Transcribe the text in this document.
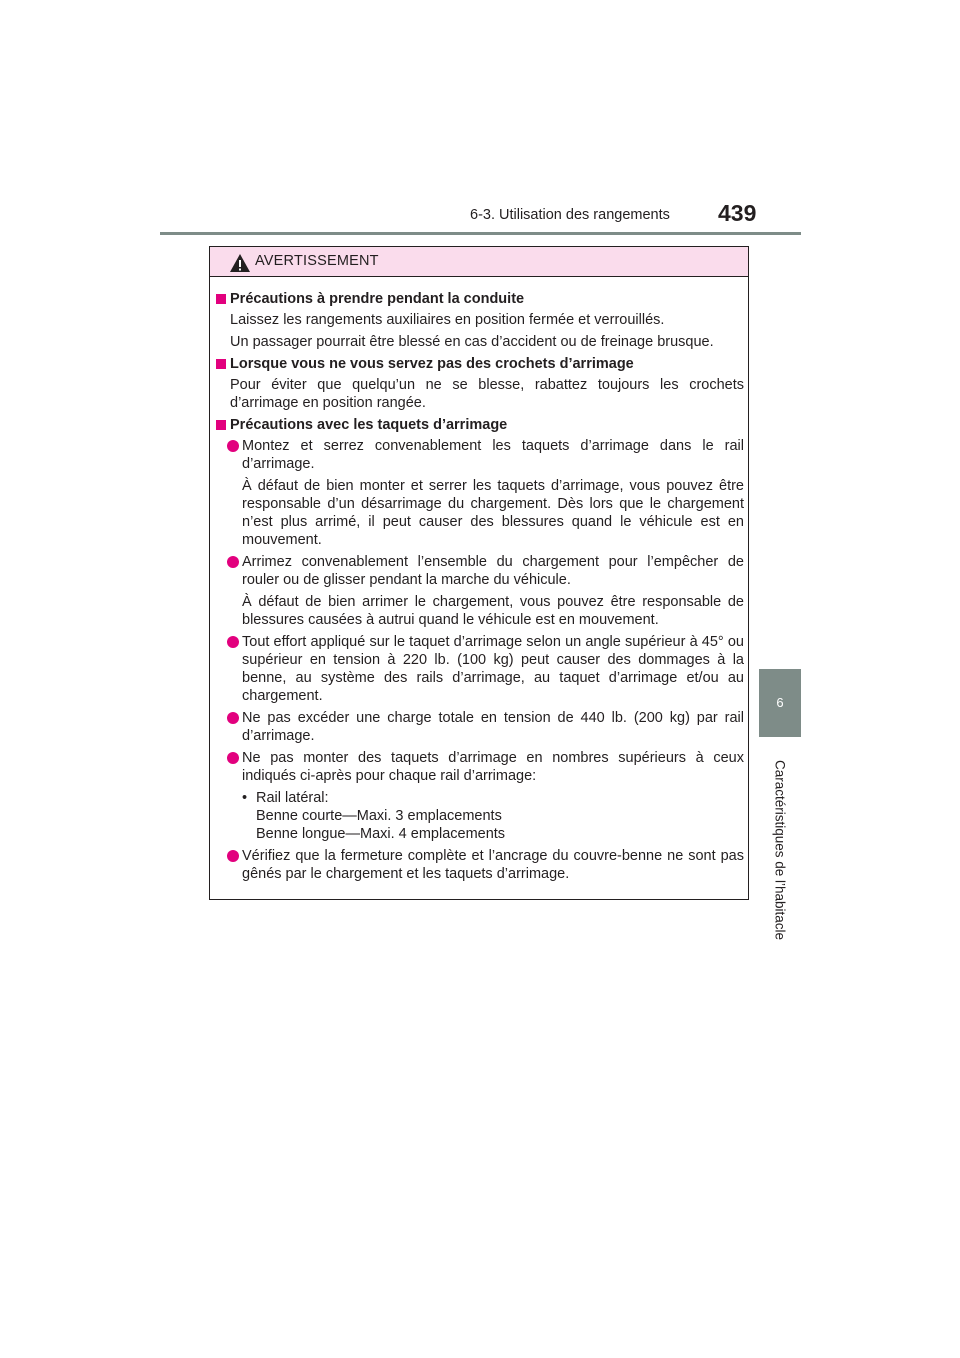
6-3. Utilisation des rangements 439
6
Caractéristiques de l’habitacle
AVERTISSEMENT
Précautions à prendre pendant la conduite
Laissez les rangements auxiliaires en position fermée et verrouillés.
Un passager pourrait être blessé en cas d’accident ou de freinage brusque.
Lorsque vous ne vous servez pas des crochets d’arrimage
Pour éviter que quelqu’un ne se blesse, rabattez toujours les crochets d’arrimage en position rangée.
Précautions avec les taquets d’arrimage
Montez et serrez convenablement les taquets d’arrimage dans le rail d’arrimage.
À défaut de bien monter et serrer les taquets d’arrimage, vous pouvez être responsable d’un désarrimage du chargement. Dès lors que le chargement n’est plus arrimé, il peut causer des blessures quand le véhicule est en mouvement.
Arrimez convenablement l’ensemble du chargement pour l’empêcher de rouler ou de glisser pendant la marche du véhicule.
À défaut de bien arrimer le chargement, vous pouvez être responsable de blessures causées à autrui quand le véhicule est en mouvement.
Tout effort appliqué sur le taquet d’arrimage selon un angle supérieur à 45° ou supérieur en tension à 220 lb. (100 kg) peut causer des dommages à la benne, au système des rails d’arrimage, au taquet d’arrimage et/ou au chargement.
Ne pas excéder une charge totale en tension de 440 lb. (200 kg) par rail d’arrimage.
Ne pas monter des taquets d’arrimage en nombres supérieurs à ceux indiqués ci-après pour chaque rail d’arrimage:
• Rail latéral:
Benne courte—Maxi. 3 emplacements
Benne longue—Maxi. 4 emplacements
Vérifiez que la fermeture complète et l’ancrage du couvre-benne ne sont pas gênés par le chargement et les taquets d’arrimage.
